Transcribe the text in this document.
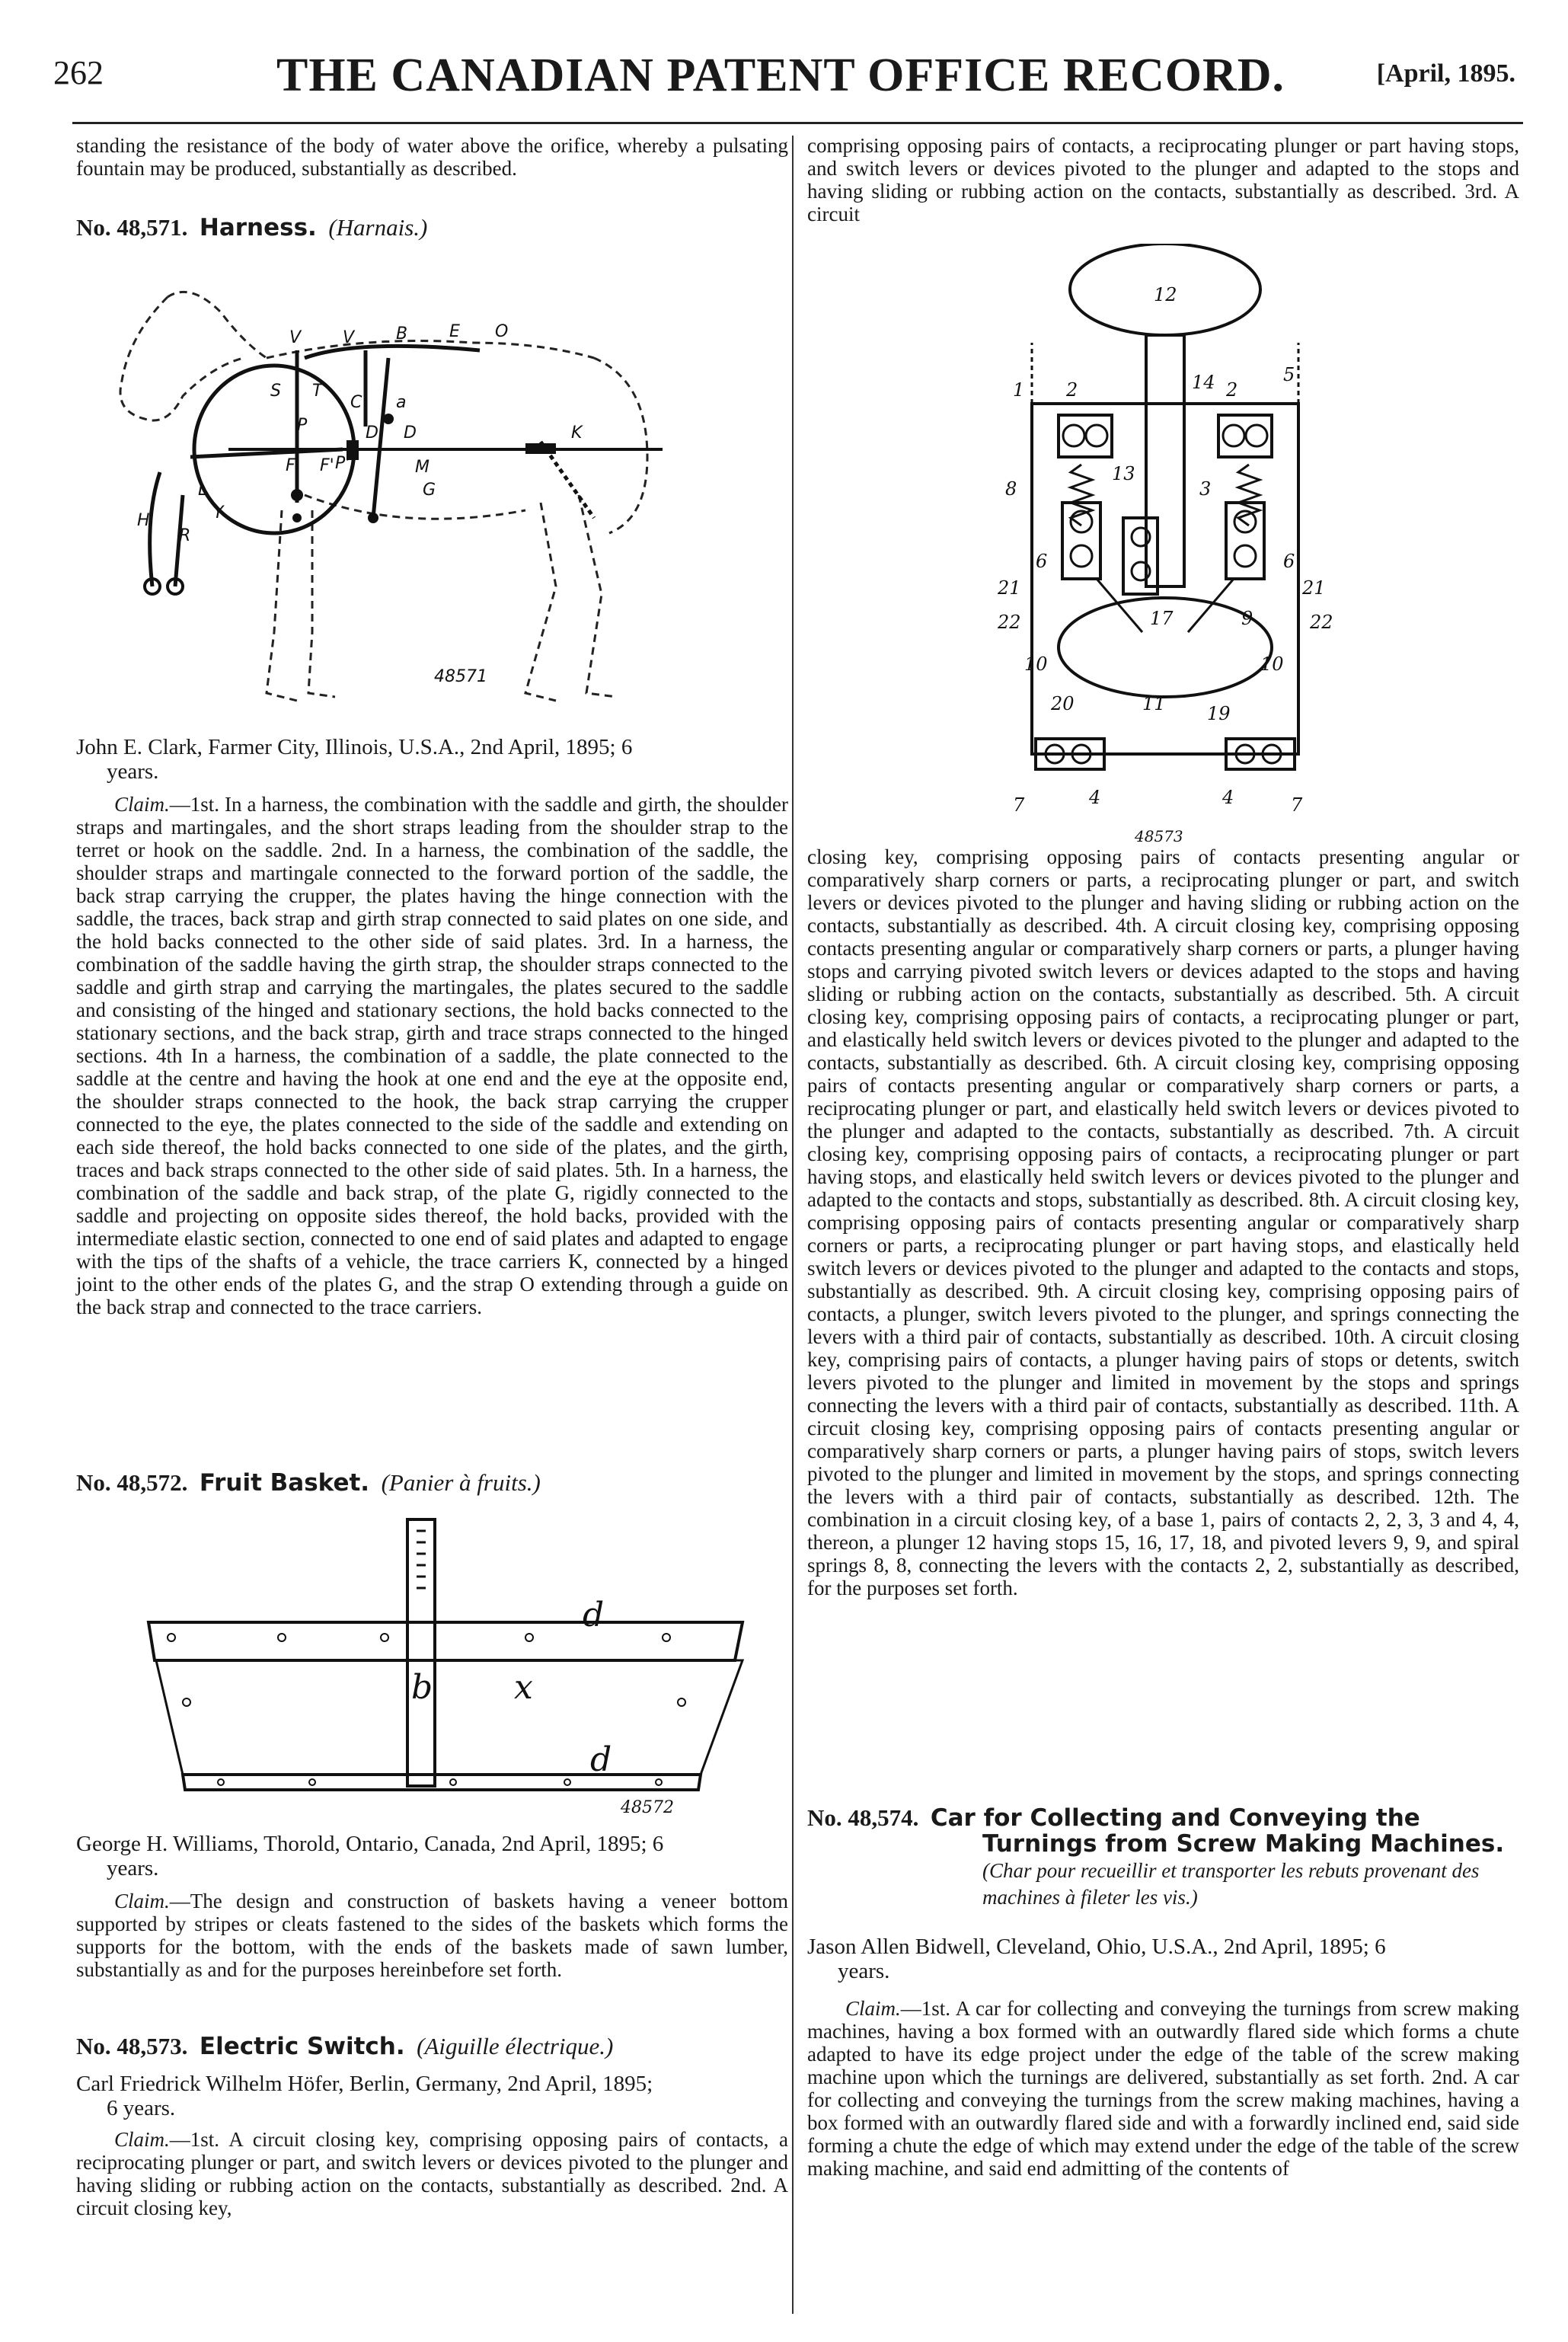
262	THE CANADIAN PATENT OFFICE RECORD.	[April, 1895.

standing the resistance of the body of water above the orifice, whereby a pulsating fountain may be produced, substantially as described.

No. 48,571. Harness. (Harnais.)

V V B E O
S T
C a
P	D
F F' P'
D	K
M
G
L
H
R
Y
48571

John E. Clark, Farmer City, Illinois, U.S.A., 2nd April, 1895; 6
years.

Claim.—1st. In a harness, the combination with the saddle and girth, the shoulder straps and martingales, and the short straps leading from the shoulder strap to the terret or hook on the saddle. 2nd. In a harness, the combination of the saddle, the shoulder straps and martingale connected to the forward portion of the saddle, the back strap carrying the crupper, the plates having the hinge connection with the saddle, the traces, back strap and girth strap connected to said plates on one side, and the hold backs connected to the other side of said plates. 3rd. In a harness, the combination of the saddle having the girth strap, the shoulder straps connected to the saddle and girth strap and carrying the martingales, the plates secured to the saddle and consisting of the hinged and stationary sections, the hold backs connected to the stationary sections, and the back strap, girth and trace straps connected to the hinged sections. 4th In a harness, the combination of a saddle, the plate connected to the saddle at the centre and having the hook at one end and the eye at the opposite end, the shoulder straps connected to the hook, the back strap carrying the crupper connected to the eye, the plates connected to the side of the saddle and extending on each side thereof, the hold backs connected to one side of the plates, and the girth, traces and back straps connected to the other side of said plates. 5th. In a harness, the combination of the saddle and back strap, of the plate G, rigidly connected to the saddle and projecting on opposite sides thereof, the hold backs, provided with the intermediate elastic section, connected to one end of said plates and adapted to engage with the tips of the shafts of a vehicle, the trace carriers K, connected by a hinged joint to the other ends of the plates G, and the strap O extending through a guide on the back strap and connected to the trace carriers.

No. 48,572. Fruit Basket. (Panier à fruits.)

d
b x
d
48572

George H. Williams, Thorold, Ontario, Canada, 2nd April, 1895; 6
years.

Claim.—The design and construction of baskets having a veneer bottom supported by stripes or cleats fastened to the sides of the baskets which forms the supports for the bottom, with the ends of the baskets made of sawn lumber, substantially as and for the purposes hereinbefore set forth.

No. 48,573. Electric Switch. (Aiguille électrique.)

Carl Friedrick Wilhelm Höfer, Berlin, Germany, 2nd April, 1895;
6 years.

Claim.—1st. A circuit closing key, comprising opposing pairs of contacts, a reciprocating plunger or part, and switch levers or devices pivoted to the plunger and having sliding or rubbing action on the contacts, substantially as described. 2nd. A circuit closing key,

comprising opposing pairs of contacts, a reciprocating plunger or part having stops, and switch levers or devices pivoted to the plunger and adapted to the stops and having sliding or rubbing action on the contacts, substantially as described. 3rd. A circuit

12
1 2	14 2
5
8
13
3
6
21
22
10
17	9
10
20	11 19
7	4	4	7
21
22
6
48573

closing key, comprising opposing pairs of contacts presenting angular or comparatively sharp corners or parts, a reciprocating plunger or part, and switch levers or devices pivoted to the plunger and having sliding or rubbing action on the contacts, substantially as described. 4th. A circuit closing key, comprising opposing contacts presenting angular or comparatively sharp corners or parts, a plunger having stops and carrying pivoted switch levers or devices adapted to the stops and having sliding or rubbing action on the contacts, substantially as described. 5th. A circuit closing key, comprising opposing pairs of contacts, a reciprocating plunger or part, and elastically held switch levers or devices pivoted to the plunger and adapted to the contacts, substantially as described. 6th. A circuit closing key, comprising opposing pairs of contacts presenting angular or comparatively sharp corners or parts, a reciprocating plunger or part, and elastically held switch levers or devices pivoted to the plunger and adapted to the contacts, substantially as described. 7th. A circuit closing key, comprising opposing pairs of contacts, a reciprocating plunger or part having stops, and elastically held switch levers or devices pivoted to the plunger and adapted to the contacts and stops, substantially as described. 8th. A circuit closing key, comprising opposing pairs of contacts presenting angular or comparatively sharp corners or parts, a reciprocating plunger or part having stops, and elastically held switch levers or devices pivoted to the plunger and adapted to the contacts and stops, substantially as described. 9th. A circuit closing key, comprising opposing pairs of contacts, a plunger, switch levers pivoted to the plunger, and springs connecting the levers with a third pair of contacts, substantially as described. 10th. A circuit closing key, comprising pairs of contacts, a plunger having pairs of stops or detents, switch levers pivoted to the plunger and limited in movement by the stops and springs connecting the levers with a third pair of contacts, substantially as described. 11th. A circuit closing key, comprising opposing pairs of contacts presenting angular or comparatively sharp corners or parts, a plunger having pairs of stops, switch levers pivoted to the plunger and limited in movement by the stops, and springs connecting the levers with a third pair of contacts, substantially as described. 12th. The combination in a circuit closing key, of a base 1, pairs of contacts 2, 2, 3, 3 and 4, 4, thereon, a plunger 12 having stops 15, 16, 17, 18, and pivoted levers 9, 9, and spiral springs 8, 8, connecting the levers with the contacts 2, 2, substantially as described, for the purposes set forth.

No. 48,574. Car for Collecting and Conveying the Turnings from Screw Making Machines.  (Char pour recueillir et transporter les rebuts provenant des machines à fileter les vis.)

Jason Allen Bidwell, Cleveland, Ohio, U.S.A., 2nd April, 1895; 6
years.

Claim.—1st. A car for collecting and conveying the turnings from screw making machines, having a box formed with an outwardly flared side which forms a chute adapted to have its edge project under the edge of the table of the screw making machine upon which the turnings are delivered, substantially as set forth. 2nd. A car for collecting and conveying the turnings from the screw making machines, having a box formed with an outwardly flared side and with a forwardly inclined end, said side forming a chute the edge of which may extend under the edge of the table of the screw making machine, and said end admitting of the contents of
